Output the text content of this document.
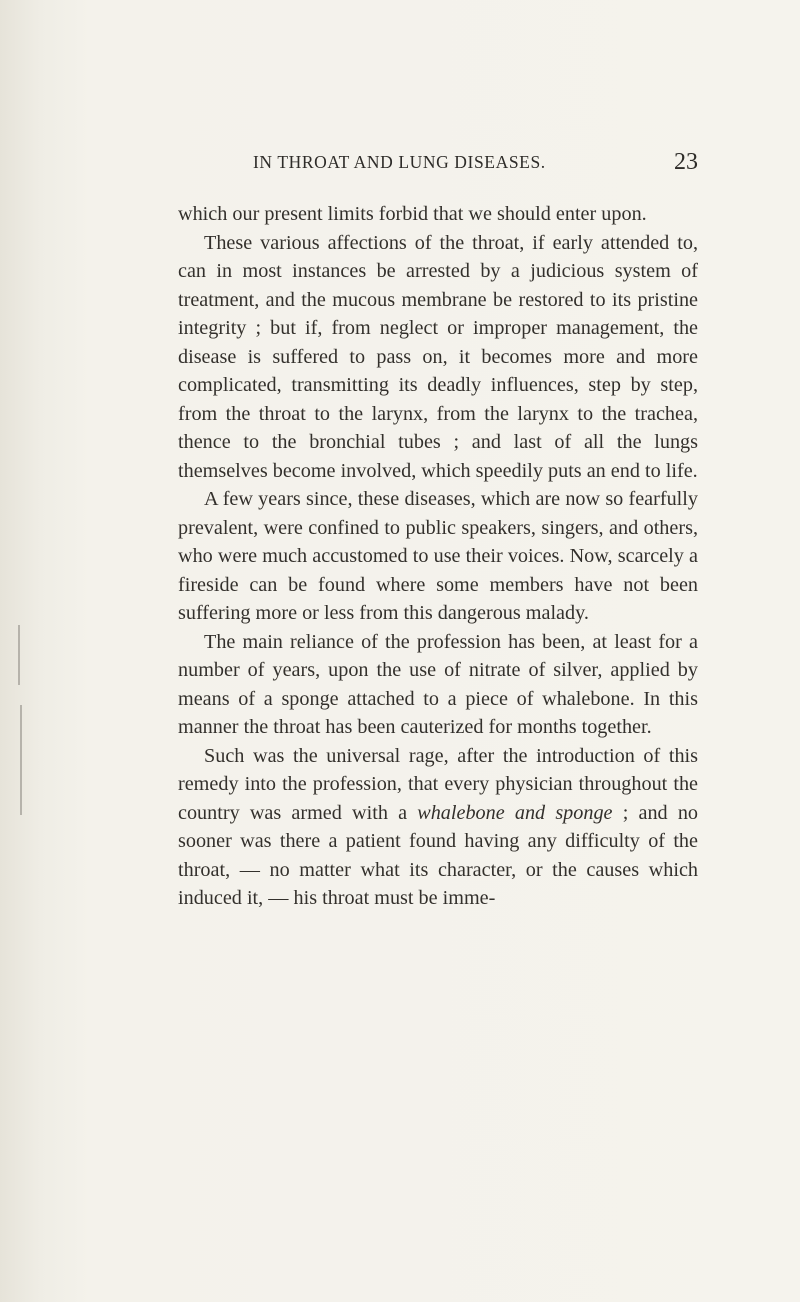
IN THROAT AND LUNG DISEASES.	23

which our present limits forbid that we should enter upon.

These various affections of the throat, if early attended to, can in most instances be arrested by a judicious system of treatment, and the mucous membrane be restored to its pristine integrity ; but if, from neglect or improper management, the disease is suffered to pass on, it becomes more and more complicated, transmitting its deadly influences, step by step, from the throat to the larynx, from the larynx to the trachea, thence to the bronchial tubes ; and last of all the lungs themselves become involved, which speedily puts an end to life.

A few years since, these diseases, which are now so fearfully prevalent, were confined to public speakers, singers, and others, who were much accustomed to use their voices. Now, scarcely a fireside can be found where some members have not been suffering more or less from this dangerous malady.

The main reliance of the profession has been, at least for a number of years, upon the use of nitrate of silver, applied by means of a sponge attached to a piece of whalebone. In this manner the throat has been cauterized for months together.

Such was the universal rage, after the introduction of this remedy into the profession, that every physician throughout the country was armed with a whalebone and sponge ; and no sooner was there a patient found having any difficulty of the throat, — no matter what its character, or the causes which induced it, — his throat must be imme-
